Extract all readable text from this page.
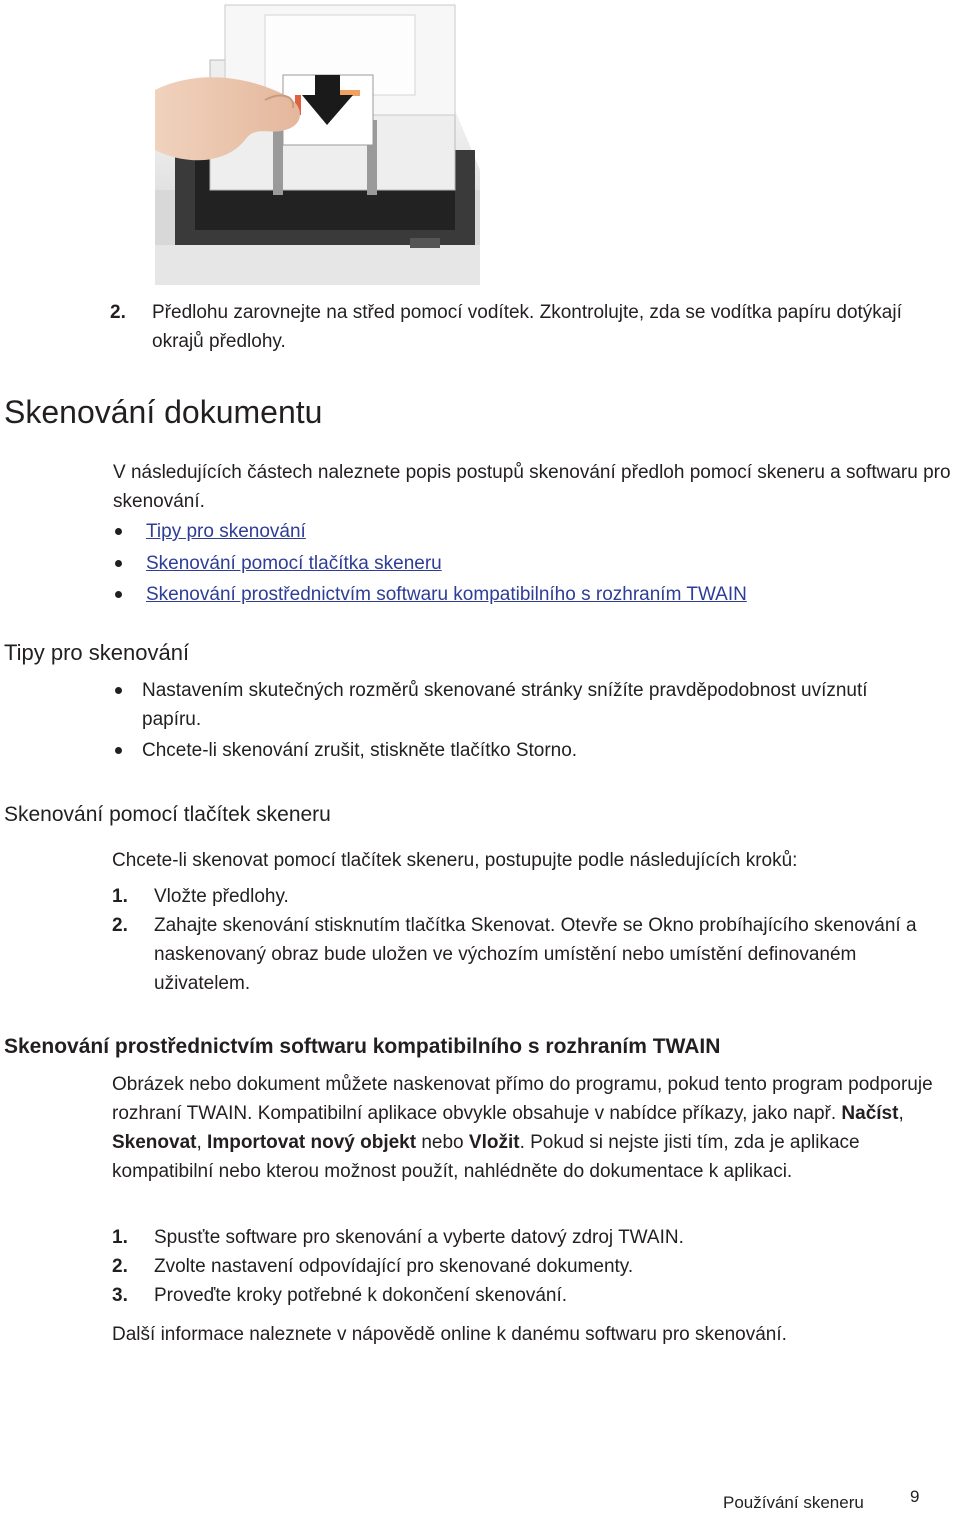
2. Předlohu zarovnejte na střed pomocí vodítek. Zkontrolujte, zda se vodítka papíru dotýkají okrajů předlohy.
Skenování dokumentu
V následujících částech naleznete popis postupů skenování předloh pomocí skeneru a softwaru pro skenování.
Tipy pro skenování
Skenování pomocí tlačítka skeneru
Skenování prostřednictvím softwaru kompatibilního s rozhraním TWAIN
Tipy pro skenování
Nastavením skutečných rozměrů skenované stránky snížíte pravděpodobnost uvíznutí papíru.
Chcete-li skenování zrušit, stiskněte tlačítko Storno.
Skenování pomocí tlačítek skeneru
Chcete-li skenovat pomocí tlačítek skeneru, postupujte podle následujících kroků:
1. Vložte předlohy.
2. Zahajte skenování stisknutím tlačítka Skenovat. Otevře se Okno probíhajícího skenování a naskenovaný obraz bude uložen ve výchozím umístění nebo umístění definovaném uživatelem.
Skenování prostřednictvím softwaru kompatibilního s rozhraním TWAIN
Obrázek nebo dokument můžete naskenovat přímo do programu, pokud tento program podporuje rozhraní TWAIN. Kompatibilní aplikace obvykle obsahuje v nabídce příkazy, jako např. Načíst, Skenovat, Importovat nový objekt nebo Vložit. Pokud si nejste jisti tím, zda je aplikace kompatibilní nebo kterou možnost použít, nahlédněte do dokumentace k aplikaci.
1. Spusťte software pro skenování a vyberte datový zdroj TWAIN.
2. Zvolte nastavení odpovídající pro skenované dokumenty.
3. Proveďte kroky potřebné k dokončení skenování.
Další informace naleznete v nápovědě online k danému softwaru pro skenování.
Používání skeneru	9
